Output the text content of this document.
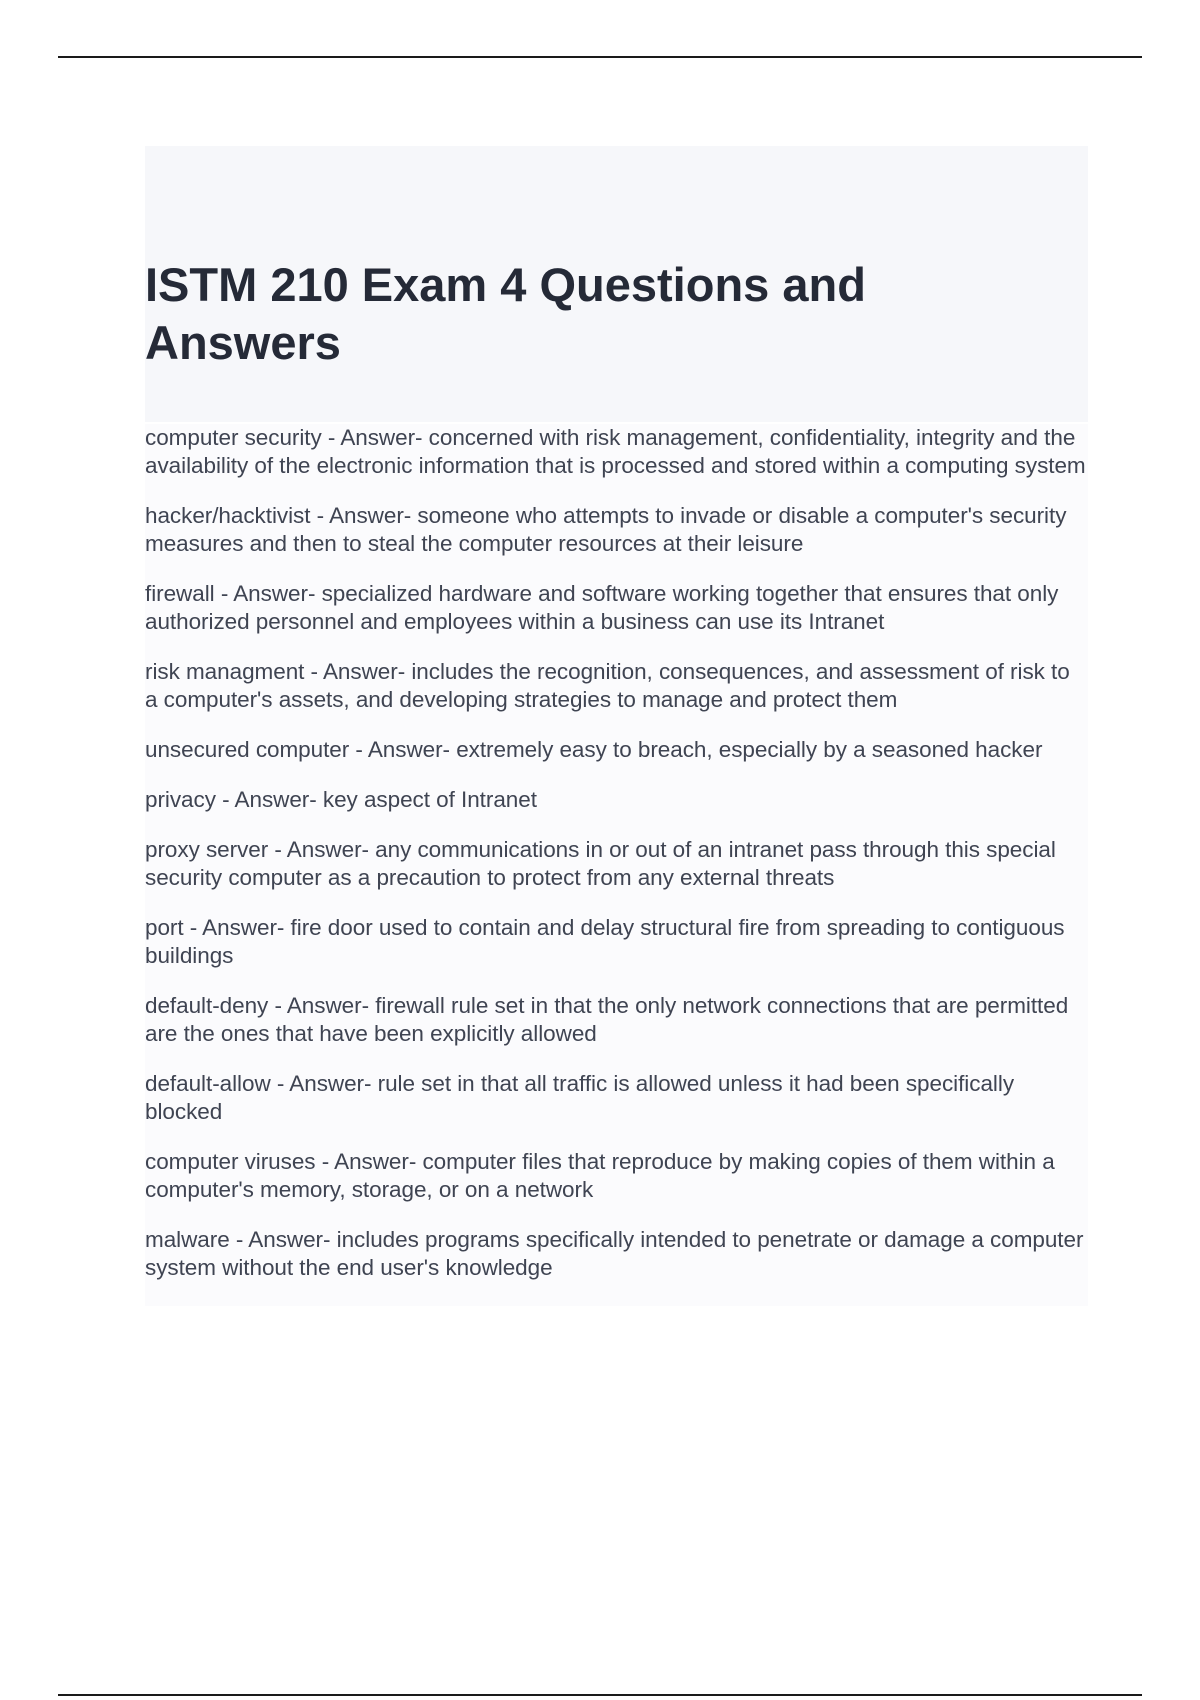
ISTM 210 Exam 4 Questions and Answers

computer security - Answer- concerned with risk management, confidentiality, integrity and the availability of the electronic information that is processed and stored within a computing system

hacker/hacktivist - Answer- someone who attempts to invade or disable a computer's security measures and then to steal the computer resources at their leisure

firewall - Answer- specialized hardware and software working together that ensures that only authorized personnel and employees within a business can use its Intranet

risk managment - Answer- includes the recognition, consequences, and assessment of risk to a computer's assets, and developing strategies to manage and protect them

unsecured computer - Answer- extremely easy to breach, especially by a seasoned hacker

privacy - Answer- key aspect of Intranet

proxy server - Answer- any communications in or out of an intranet pass through this special security computer as a precaution to protect from any external threats

port - Answer- fire door used to contain and delay structural fire from spreading to contiguous buildings

default-deny - Answer- firewall rule set in that the only network connections that are permitted are the ones that have been explicitly allowed

default-allow - Answer- rule set in that all traffic is allowed unless it had been specifically blocked

computer viruses - Answer- computer files that reproduce by making copies of them within a computer's memory, storage, or on a network

malware - Answer- includes programs specifically intended to penetrate or damage a computer system without the end user's knowledge
